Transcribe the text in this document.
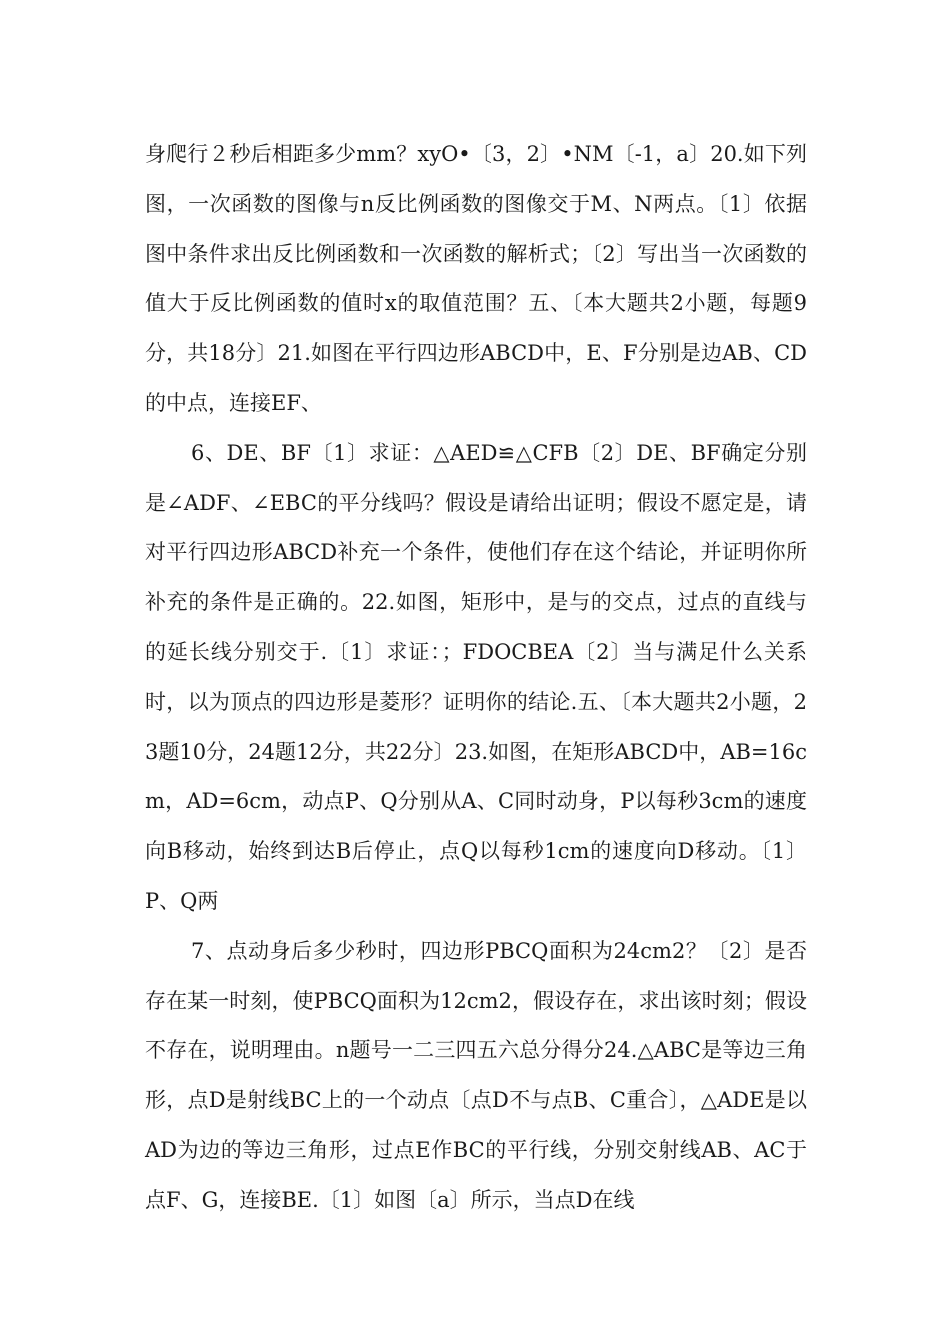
身爬行２秒后相距多少mm？xyO•〔3，2〕•NM〔-1，a〕20.如下列图，一次函数的图像与n反比例函数的图像交于M、N两点。〔1〕依据图中条件求出反比例函数和一次函数的解析式；〔2〕写出当一次函数的值大于反比例函数的值时x的取值范围？五、〔本大题共2小题，每题9分，共18分〕21.如图在平行四边形ABCD中，E、F分别是边AB、CD的中点，连接EF、

6、DE、BF〔1〕求证：△AED≌△CFB〔2〕DE、BF确定分别是∠ADF、∠EBC的平分线吗？假设是请给出证明；假设不愿定是，请对平行四边形ABCD补充一个条件，使他们存在这个结论，并证明你所补充的条件是正确的。22.如图，矩形中，是与的交点，过点的直线与的延长线分别交于.〔1〕求证：；FDOCBEA〔2〕当与满足什么关系时，以为顶点的四边形是菱形？证明你的结论.五、〔本大题共2小题，23题10分，24题12分，共22分〕23.如图，在矩形ABCD中，AB=16cm，AD=6cm，动点P、Q分别从A、C同时动身，P以每秒3cm的速度向B移动，始终到达B后停止，点Q以每秒1cm的速度向D移动。〔1〕P、Q两

7、点动身后多少秒时，四边形PBCQ面积为24cm2？〔2〕是否存在某一时刻，使PBCQ面积为12cm2，假设存在，求出该时刻；假设不存在，说明理由。n题号一二三四五六总分得分24.△ABC是等边三角形，点D是射线BC上的一个动点〔点D不与点B、C重合〕，△ADE是以AD为边的等边三角形，过点E作BC的平行线，分别交射线AB、AC于点F、G，连接BE.〔1〕如图〔a〕所示，当点D在线
